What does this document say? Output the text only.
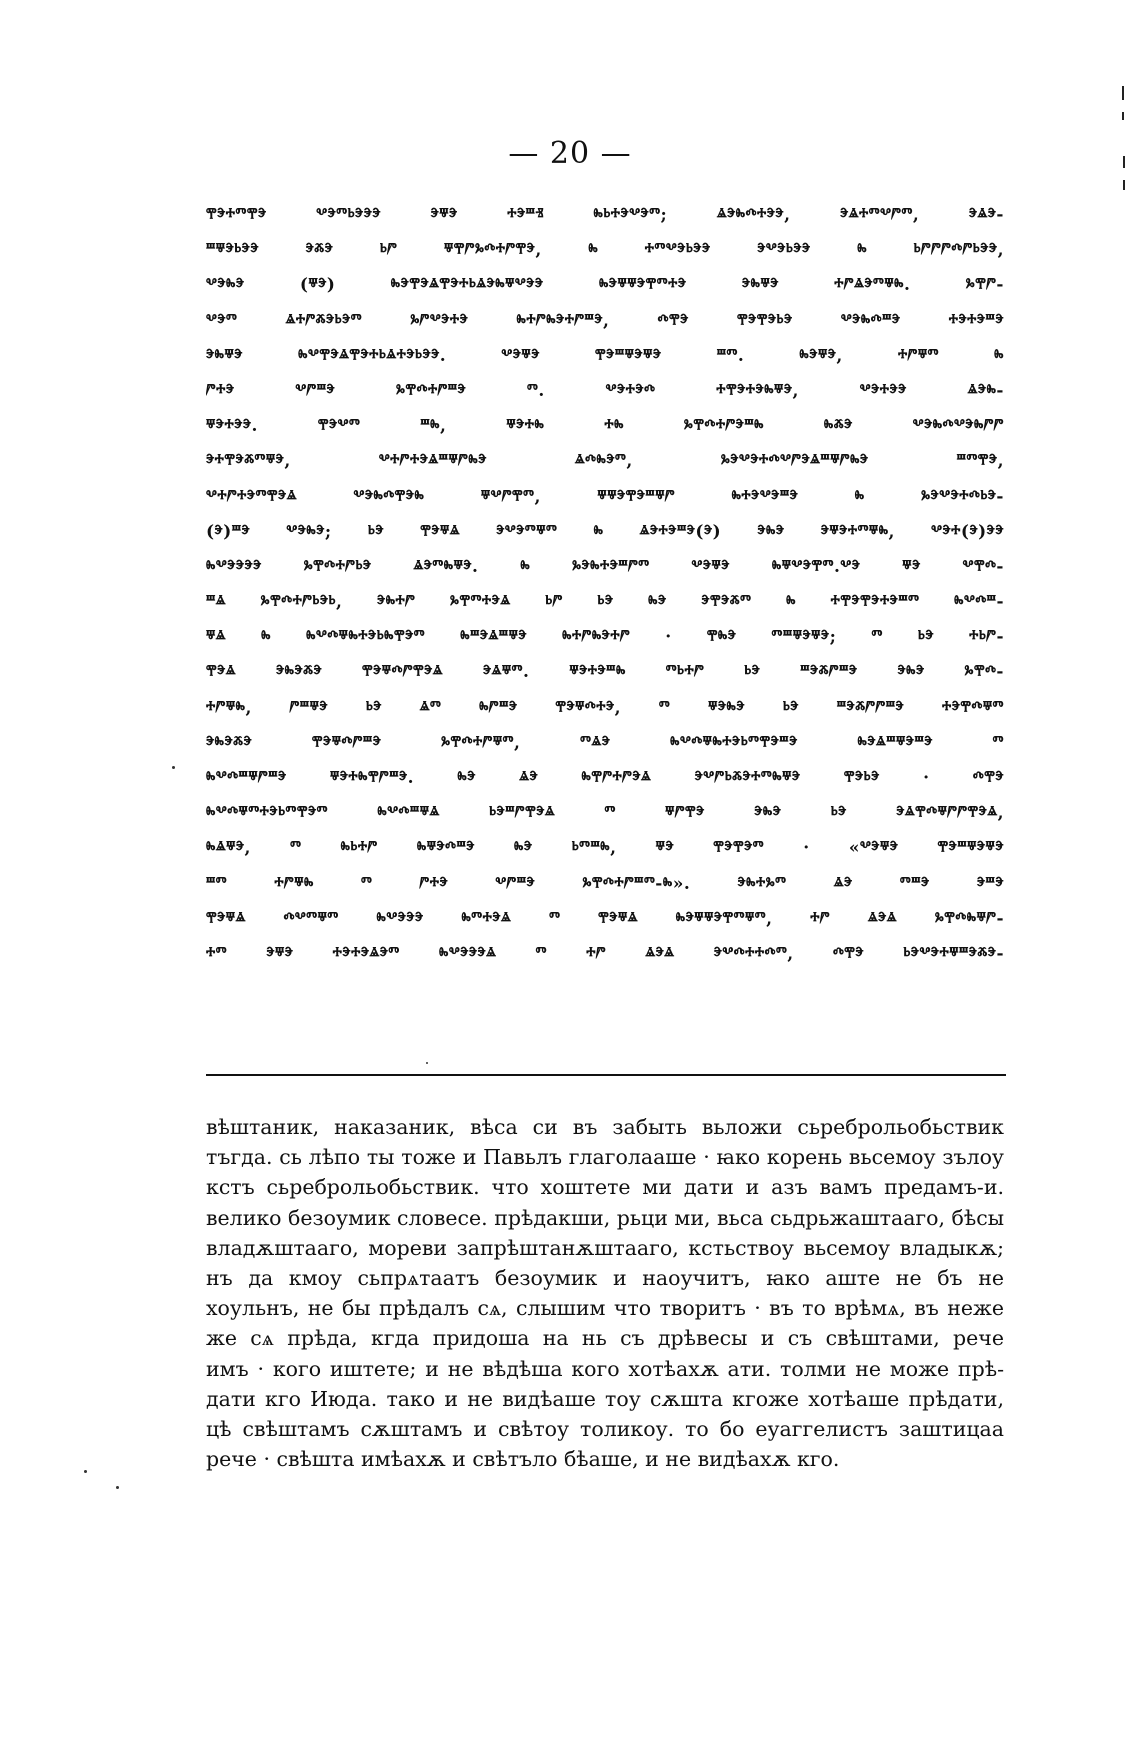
— 20 —
ⰹⰵⰰⱅⰹⰵ ⰲⰵⱅⱃⰵⰵⰵ ⰵⱋⰵ ⰰⰵⱎⱐ ⰸⱃⰰⰵⰲⰵⱅ; ⱑⰵⰸⰴⰰⰵⰵ, ⰵⱑⰰⱅⰲⱓⱅ, ⰵⱑⰵ-
ⱎⱋⰵⱃⰵⰵ ⰵⰶⰵ ⱃⱓ ⱋⰹⱓⰳⰴⰰⱓⰹⰵ, ⰸ ⰰⱅⰲⰵⱃⰵⰵ ⰵⰲⰵⱃⰵⰵ ⰸ ⱃⱓⱓⱓⰴⱓⱃⰵⰵ,
ⰲⰵⰸⰵ (ⱋⰵ) ⰸⰵⰹⰵⱑⰹⰵⰰⱃⱑⰵⰸⱋⰲⰵⰵ ⰸⰵⱋⱋⰵⰹⱅⰰⰵ ⰵⰸⱋⰵ ⰰⱓⱑⰵⱅⱋⰸ. ⰳⰹⱓ-
ⰲⰵⱅ ⱑⰰⱓⰶⰵⱃⰵⱅ ⰳⱓⰲⰵⰰⰵ ⰸⰰⱓⰸⰵⰰⱓⱎⰵ, ⰴⰹⰵ ⰹⰵⰹⰵⱃⰵ ⰲⰵⰸⰴⱎⰵ ⰰⰵⰰⰵⱎⰵ
ⰵⰸⱋⰵ ⰸⰲⰹⰵⱑⰹⰵⰰⱃⱑⰰⰵⱃⰵⰵ. ⰲⰵⱋⰵ ⰹⰵⱎⱋⰵⱋⰵ ⱎⱅ. ⰸⰵⱋⰵ, ⰰⱓⱋⱅ ⰸ
ⱓⰰⰵ ⰲⱓⱎⰵ ⰳⰹⰴⰰⱓⱎⰵ ⱅ. ⰲⰵⰰⰵⰴ ⰰⰹⰵⰰⰵⰸⱋⰵ, ⰲⰵⰰⰵⰵ ⱑⰵⰸ-
ⱋⰵⰰⰵⰵ. ⰹⰵⰲⱅ ⱎⰸ, ⱋⰵⰰⰸ ⰰⰸ ⰳⰹⰴⰰⱓⰵⱎⰸ ⰸⰶⰵ ⰲⰵⰸⰴⰲⰵⰸⱓⱓ
ⰵⰰⰹⰵⰶⱅⱋⰵ, ⰲⰰⱓⰰⰵⱑⱎⱋⱓⰸⰵ ⱑⰴⰸⰵⱅ, ⰳⰵⰲⰵⰰⰴⰲⱓⰵⱑⱎⱋⱓⰸⰵ ⱎⱅⰹⰵ,
ⰲⰰⱓⰰⰵⱅⰹⰵⱑ ⰲⰵⰸⰴⰹⰵⰸ ⱋⰲⱓⰹⱅ, ⱋⱋⰵⰹⰵⱎⱋⱓ ⰸⰰⰵⰲⰵⱎⰵ ⰸ ⰳⰵⰲⰵⰰⰴⱃⰵ-
(ⰵ)ⱎⰵ ⰲⰵⰸⰵ; ⱃⰵ ⰹⰵⱋⱑ ⰵⰲⰵⱅⱋⱅ ⰸ ⱑⰵⰰⰵⱎⰵ(ⰵ) ⰵⰸⰵ ⰵⱋⰵⰰⱅⱋⰸ, ⰲⰵⰰ(ⰵ)ⰵⰵ
ⰸⰲⰵⰵⰵⰵ ⰳⰹⰴⰰⱓⱃⰵ ⱑⰵⱅⰸⱋⰵ. ⰸ ⰳⰵⰸⰰⰵⱎⱓⱅ ⰲⰵⱋⰵ ⰸⱋⰲⰵⰹⱅ.ⰲⰵ ⱋⰵ ⰲⰹⰴ-
ⱎⱑ ⰳⰹⰴⰰⱓⱃⰵⱃ, ⰵⰸⰰⱓ ⰳⰹⱅⰰⰵⱑ ⱃⱓ ⱃⰵ ⰸⰵ ⰵⰹⰵⰶⱅ ⰸ ⰰⰹⰵⰹⰵⰰⰵⱎⱅ ⰸⰲⰴⱎ-
ⱋⱑ ⰸ ⰸⰲⰴⱋⰸⰰⰵⱃⰸⰹⰵⱅ ⰸⱎⰵⱑⱎⱋⰵ ⰸⰰⱓⰸⰵⰰⱓ · ⰹⰸⰵ ⱅⱎⱋⰵⱋⰵ; ⱅ ⱃⰵ ⰰⱃⱓ-
ⰹⰵⱑ ⰵⰸⰵⰶⰵ ⰹⰵⱋⰴⱓⰹⰵⱑ ⰵⱑⱋⱅ. ⱋⰵⰰⰵⱎⰸ ⱅⱃⰰⱓ ⱃⰵ ⱎⰵⰶⱓⱎⰵ ⰵⰸⰵ ⰳⰹⰴ-
ⰰⱓⱋⰸ, ⱓⱎⱋⰵ ⱃⰵ ⱑⱅ ⰸⱓⱎⰵ ⰹⰵⱋⰴⰰⰵ, ⱅ ⱋⰵⰸⰵ ⱃⰵ ⱎⰵⰶⱓⱓⱎⰵ ⰰⰵⰹⰴⱋⱅ
ⰵⰸⰵⰶⰵ ⰹⰵⱋⰴⱓⱎⰵ ⰳⰹⰴⰰⱓⱋⱅ, ⱅⱑⰵ ⰸⰲⰴⱋⰸⰰⰵⱃⱅⰹⰵⱎⰵ ⰸⰵⱑⱎⱋⰵⱎⰵ ⱅ
ⰸⰲⰴⱎⱋⱓⱎⰵ ⱋⰵⰰⰸⰹⱓⱎⰵ. ⰸⰵ ⱑⰵ ⰸⰹⱓⰰⱓⰵⱑ ⰵⰲⱓⱃⰶⰵⰰⱅⰸⱋⰵ ⰹⰵⱃⰵ · ⰴⰹⰵ
ⰸⰲⰴⱋⱅⰰⰵⱃⱅⰹⰵⱅ ⰸⰲⰴⱎⱋⱑ ⱃⰵⱎⱓⰹⰵⱑ ⱅ ⱋⱓⰹⰵ ⰵⰸⰵ ⱃⰵ ⰵⱑⰹⰴⱋⱓⱓⰹⰵⱑ,
ⰸⱑⱋⰵ, ⱅ ⰸⱃⰰⱓ ⰸⱋⰵⰴⱎⰵ ⰸⰵ ⱃⱅⱎⰸ, ⱋⰵ ⰹⰵⰹⰵⱅ · «ⰲⰵⱋⰵ ⰹⰵⱎⱋⰵⱋⰵ
ⱎⱅ ⰰⱓⱋⰸ ⱅ ⱓⰰⰵ ⰲⱓⱎⰵ ⰳⰹⰴⰰⱓⱎⱅ-ⰸ». ⰵⰸⰰⰳⱅ ⱑⰵ ⱅⱎⰵ ⰵⱎⰵ
ⰹⰵⱋⱑ ⰴⰲⱅⱋⱅ ⰸⰲⰵⰵⰵ ⰸⱅⰰⰵⱑ ⱅ ⰹⰵⱋⱑ ⰸⰵⱋⱋⰵⰹⱅⱋⱅ, ⰰⱓ ⱑⰵⱑ ⰳⰹⰴⰸⱋⱓ-
ⰰⱅ ⰵⱋⰵ ⰰⰵⰰⰵⱑⰵⱅ ⰸⰲⰵⰵⰵⱑ ⱅ ⰰⱓ ⱑⰵⱑ ⰵⰲⰴⰰⰰⰴⱅ, ⰴⰹⰵ ⱃⰵⰲⰵⰰⱋⱎⰵⰶⰵ-
вѣштаник, наказаник, вѣса си въ забыть вьложи сьреброльобьствик
тъгда. сь лѣпо ты тоже и Павьлъ глаголааше · ꙗко корень вьсемоу зълоу
кстъ сьреброльобьствик. что хоштете ми дати и азъ вамъ предамъ-и.
велико безоумик словесе. прѣдакши, рьци ми, вьса сьдрьжаштааго, бѣсы
владѫштааго, мореви запрѣштанѫштааго, кстьствоу вьсемоу владыкѫ;
нъ да кмоу сьпрѧтаатъ безоумик и наоучитъ, ꙗко аште не бъ не
хоульнъ, не бы прѣдалъ сѧ, слышим что творитъ · въ то врѣмѧ, въ неже
же сѧ прѣда, кгда придоша на нь съ дрѣвесы и съ свѣштами, рече
имъ · кого иштете; и не вѣдѣша кого хотѣахѫ ати. толми не може прѣ-
дати кго Июда. тако и не видѣаше тоу сѫшта кгоже хотѣаше прѣдати,
цѣ свѣштамъ сѫштамъ и свѣтоу толикоу. то бо еуаггелистъ заштицаа
рече · свѣшта имѣахѫ и свѣтъло бѣаше, и не видѣахѫ кго.
